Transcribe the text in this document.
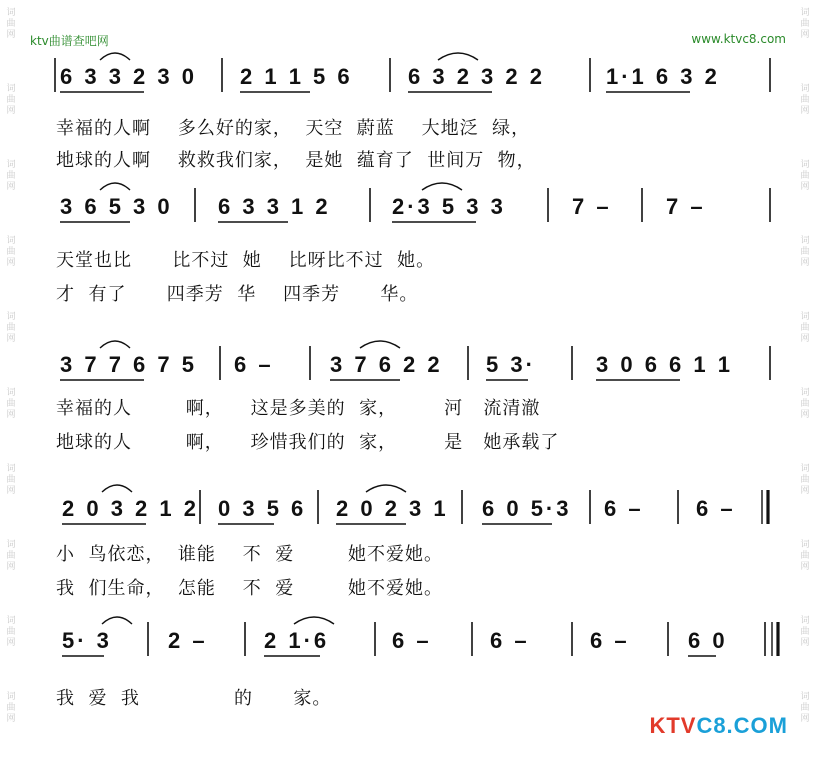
ktv曲谱查吧网	www.ktvc8.com
词
曲
网
词
曲
网
词
曲
网
词
曲
网
词
曲
网
词
曲
网
词
曲
网
词
曲
网
词
曲
网
词
曲
网
词
曲
网
词
曲
网
词
曲
网
词
曲
网
词
曲
网
词
曲
网
词
曲
网
词
曲
网
词
曲
网
词
曲
网
6 3 3 2 3 0 2 1 1 5 6	6 3 2 3 2 2	1·1 6 3 2
幸福的人啊    多么好的家，  天空  蔚蓝    大地泛  绿，
地球的人啊    救救我们家，  是她  蕴育了  世间万  物，
3 6 5 3 0 6 3 3 1 2	2·3 5 3 3	7 – 7 –
天堂也比      比不过  她    比呀比不过  她。
才  有了      四季芳  华    四季芳      华。
3 7 7 6 7 5 6 –	3 7 6 2 2 5 3·	3 0 6 6 1 1
幸福的人        啊，    这是多美的  家，       河   流清澈
地球的人        啊，    珍惜我们的  家，       是   她承载了
2 0 3 2 1 2 0 3 5 6 2 0 2 3 1 6 0 5·3 6 – 6 –
小  鸟依恋，  谁能    不  爱        她不爱她。
我  们生命，  怎能    不  爱        她不爱她。
5· 3	2 –	2 1·6	6 –	6 –	6 –	6 0
我  爱  我              的      家。
KTVC8.COM
